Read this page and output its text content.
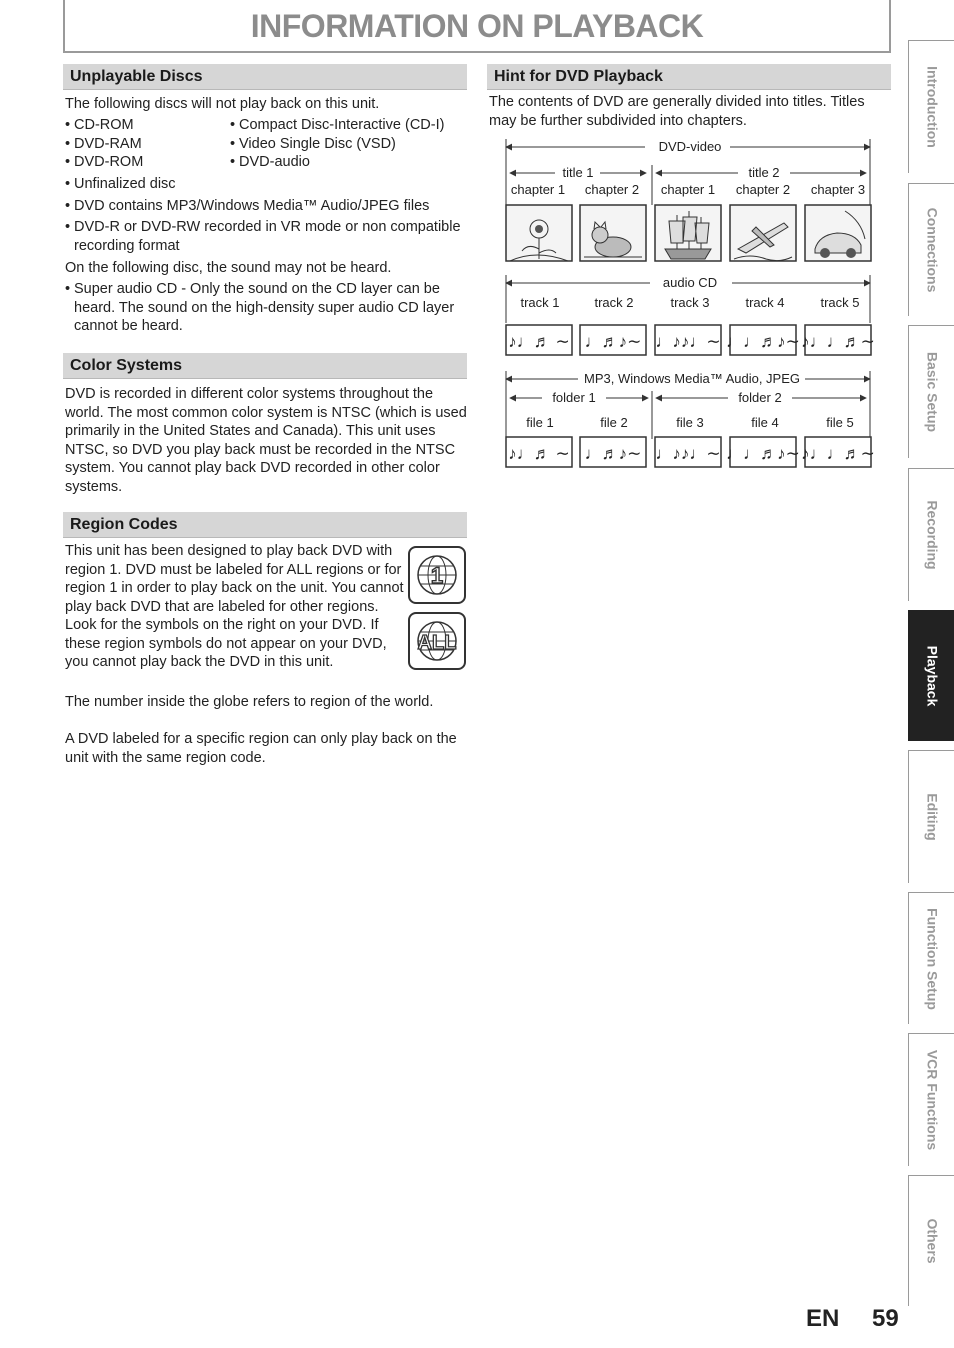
INFORMATION ON PLAYBACK
Unplayable Discs
The following discs will not play back on this unit.
• CD-ROM
• DVD-RAM
• DVD-ROM
• Compact Disc-Interactive (CD-I)
• Video Single Disc (VSD)
• DVD-audio
• Unfinalized disc
• DVD contains MP3/Windows Media™ Audio/JPEG files
• DVD-R or DVD-RW recorded in VR mode or non compatible recording format
On the following disc, the sound may not be heard.
• Super audio CD - Only the sound on the CD layer can be heard. The sound on the high-density super audio CD layer cannot be heard.
Color Systems
DVD is recorded in different color systems throughout the world. The most common color system is NTSC (which is used primarily in the United States and Canada). This unit uses NTSC, so DVD you play back must be recorded in the NTSC system. You cannot play back DVD recorded in other color systems.
Region Codes
This unit has been designed to play back DVD with region 1. DVD must be labeled for ALL regions or for region 1 in order to play back on the unit. You cannot play back DVD that are labeled for other regions. Look for the symbols on the right on your DVD. If these region symbols do not appear on your DVD, you cannot play back the DVD in this unit.
The number inside the globe refers to region of the world.
A DVD labeled for a specific region can only play back on the unit with the same region code.
1
ALL
Hint for DVD Playback
The contents of DVD are generally divided into titles. Titles may be further subdivided into chapters.
DVD-video
title 1	title 2
chapter 1 chapter 2 chapter 1 chapter 2 chapter 3
audio CD
track 1	track 2	track 3	track 4	track 5
♪♩♬ ∼ ♩♬♪∼ ♩♪♪♩∼ ♩♩♬♪∼ ♪♩♩♬∼
MP3, Windows Media™ Audio, JPEG
folder 1	folder 2
file 1	file 2	file 3	file 4	file 5
♪♩♬ ∼ ♩♬♪∼ ♩♪♪♩∼ ♩♩♬♪∼ ♪♩♩♬∼
Introduction
Connections
Basic Setup
Recording
Playback
Editing
Function Setup
VCR Functions
Others
EN 59
